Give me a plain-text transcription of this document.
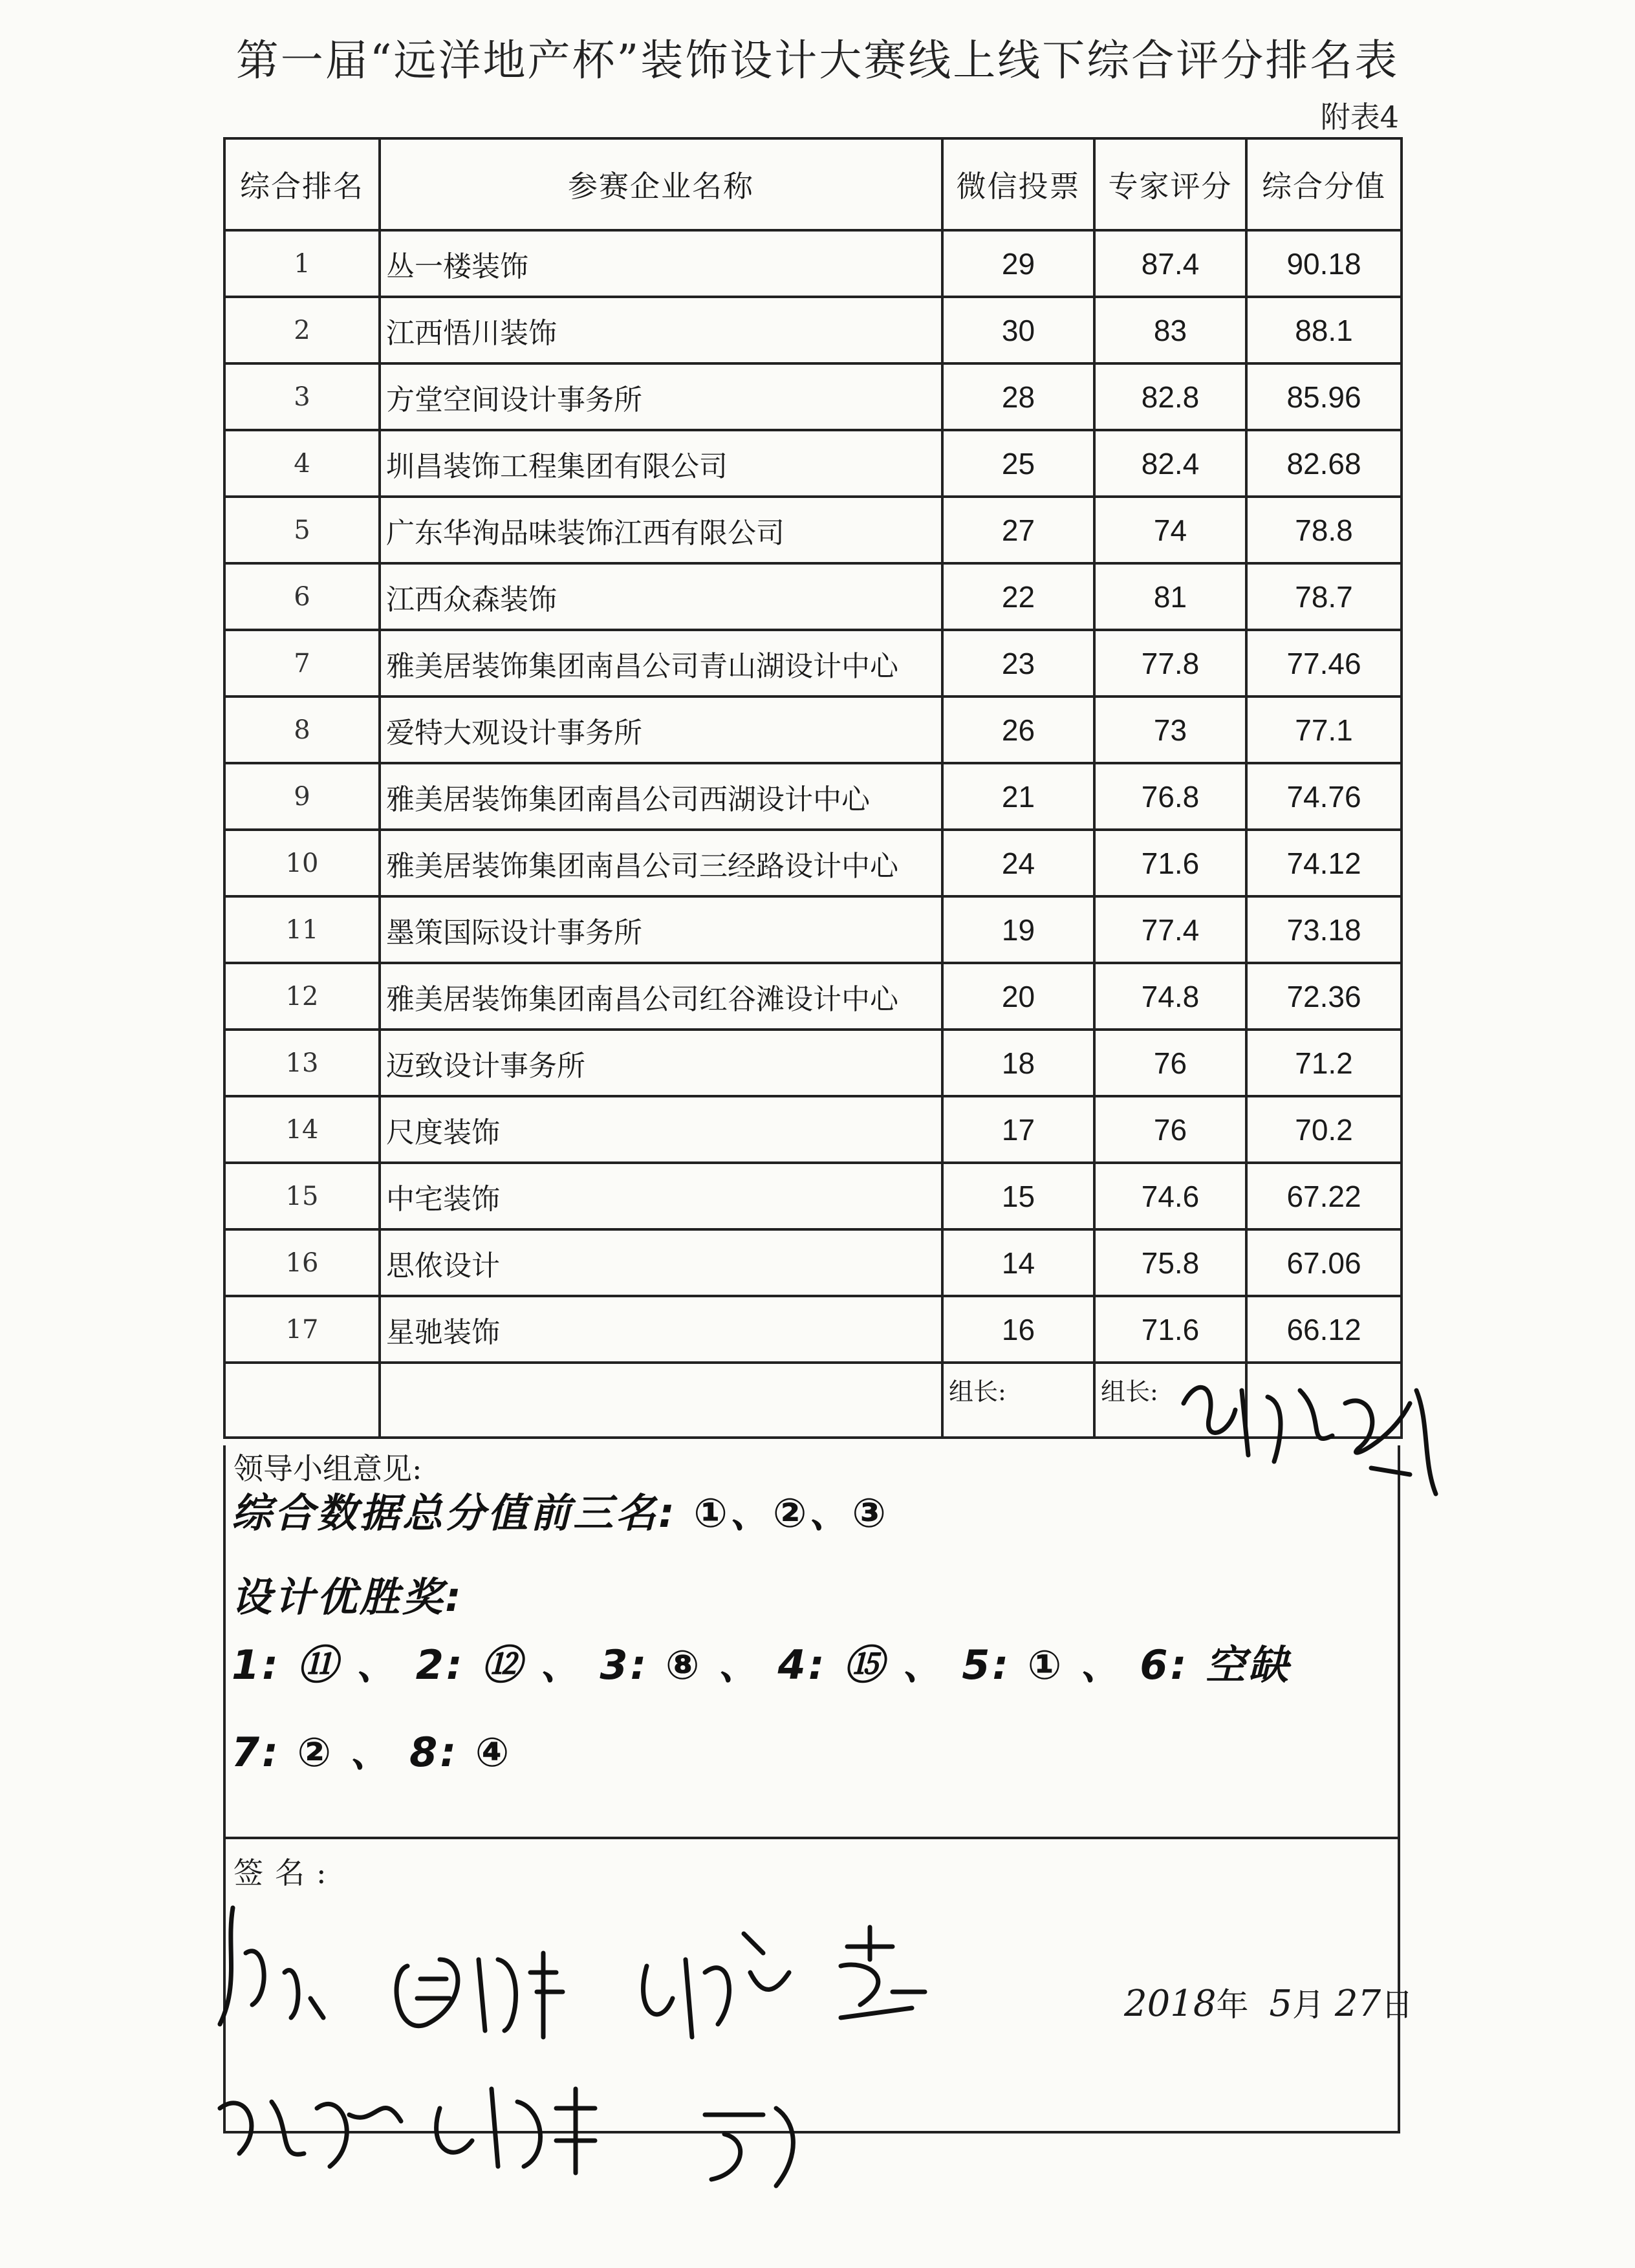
第一届“远洋地产杯”装饰设计大赛线上线下综合评分排名表
附表4
综合排名	参赛企业名称	微信投票	专家评分	综合分值
1	丛一楼装饰	29	87.4	90.18
2	江西悟川装饰	30	83	88.1
3	方堂空间设计事务所	28	82.8	85.96
4	圳昌装饰工程集团有限公司	25	82.4	82.68
5	广东华洵品味装饰江西有限公司	27	74	78.8
6	江西众森装饰	22	81	78.7
7	雅美居装饰集团南昌公司青山湖设计中心	23	77.8	77.46
8	爱特大观设计事务所	26	73	77.1
9	雅美居装饰集团南昌公司西湖设计中心	21	76.8	74.76
10	雅美居装饰集团南昌公司三经路设计中心	24	71.6	74.12
11	墨策国际设计事务所	19	77.4	73.18
12	雅美居装饰集团南昌公司红谷滩设计中心	20	74.8	72.36
13	迈致设计事务所	18	76	71.2
14	尺度装饰	17	76	70.2
15	中宅装饰	15	74.6	67.22
16	思侬设计	14	75.8	67.06
17	星驰装饰	16	71.6	66.12
		组长:	组长:	
领导小组意见:
签名:
综合数据总分值前三名: ①、②、③
设计优胜奖:
1: ⑪ 、 2: ⑫ 、 3: ⑧ 、 4: ⑮ 、 5: ① 、 6: 空缺
7: ② 、 8: ④
2018年 5月 27日
